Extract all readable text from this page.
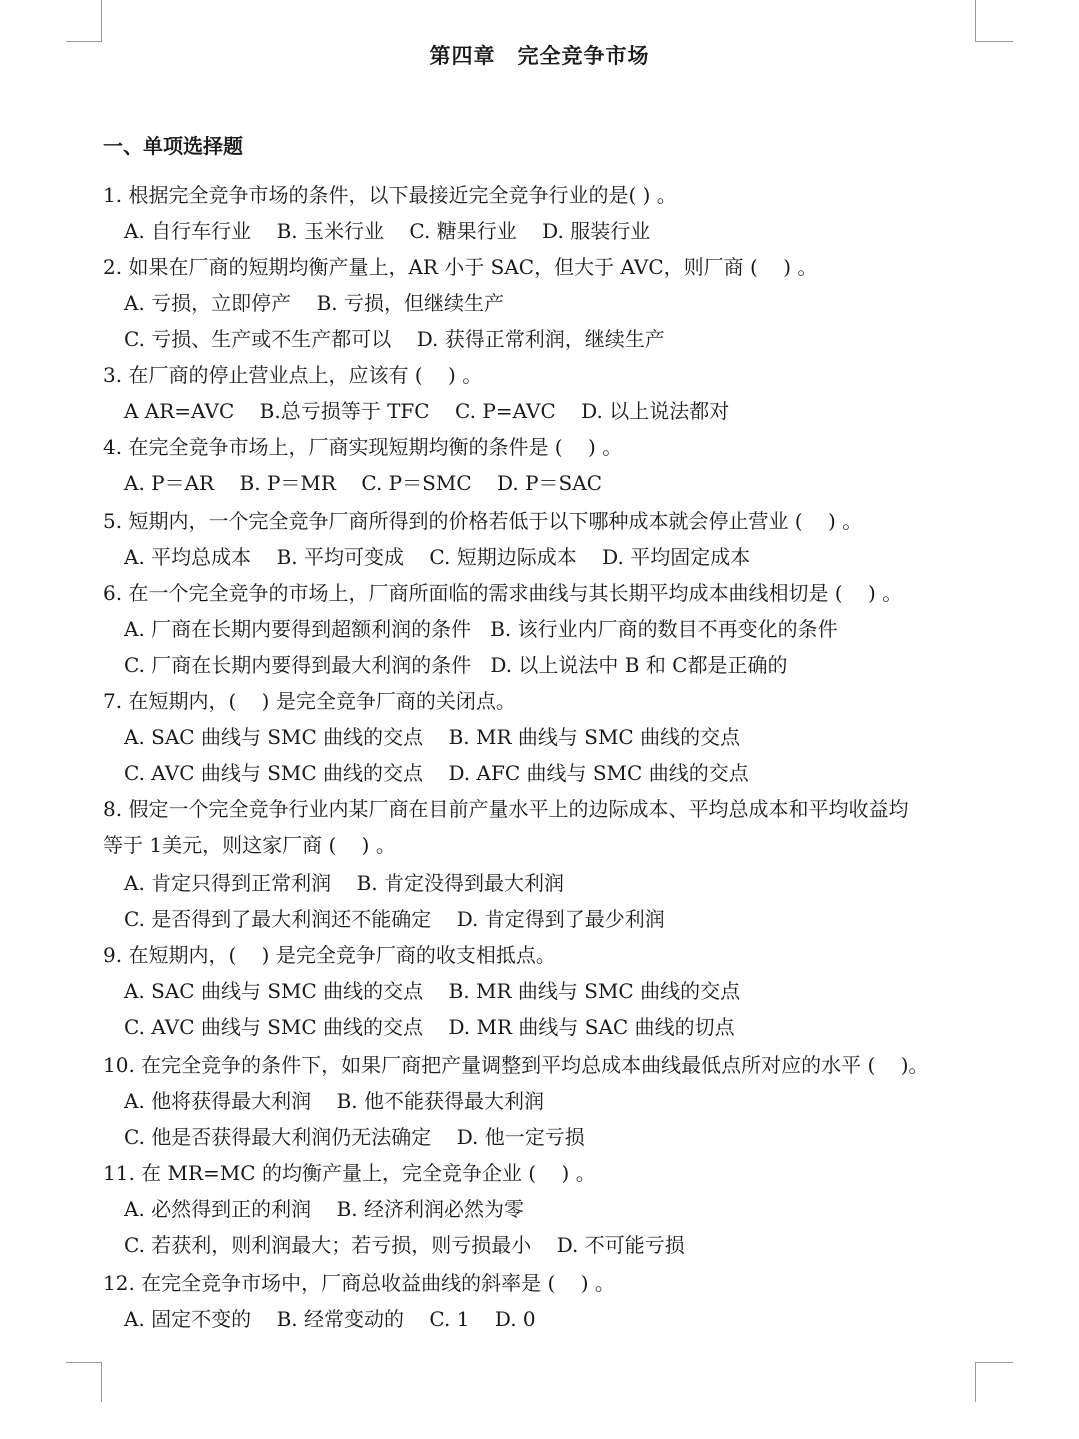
第四章　完全竞争市场
一、单项选择题
1. 根据完全竞争市场的条件，以下最接近完全竞争行业的是( ) 。
A. 自行车行业    B. 玉米行业    C. 糖果行业    D. 服装行业
2. 如果在厂商的短期均衡产量上，AR 小于 SAC，但大于 AVC，则厂商 (    ) 。
A. 亏损，立即停产    B. 亏损，但继续生产
C. 亏损、生产或不生产都可以    D. 获得正常利润，继续生产
3. 在厂商的停止营业点上，应该有 (    ) 。
A AR=AVC    B.总亏损等于 TFC    C. P=AVC    D. 以上说法都对
4. 在完全竞争市场上，厂商实现短期均衡的条件是 (    ) 。
A. P＝AR    B. P＝MR    C. P＝SMC    D. P＝SAC
5. 短期内，一个完全竞争厂商所得到的价格若低于以下哪种成本就会停止营业 (    ) 。
A. 平均总成本    B. 平均可变成    C. 短期边际成本    D. 平均固定成本
6. 在一个完全竞争的市场上，厂商所面临的需求曲线与其长期平均成本曲线相切是 (    ) 。
A. 厂商在长期内要得到超额利润的条件   B. 该行业内厂商的数目不再变化的条件
C. 厂商在长期内要得到最大利润的条件   D. 以上说法中 B 和 C都是正确的
7. 在短期内，(    ) 是完全竞争厂商的关闭点。
A. SAC 曲线与 SMC 曲线的交点    B. MR 曲线与 SMC 曲线的交点
C. AVC 曲线与 SMC 曲线的交点    D. AFC 曲线与 SMC 曲线的交点
8. 假定一个完全竞争行业内某厂商在目前产量水平上的边际成本、平均总成本和平均收益均
等于 1美元，则这家厂商 (    ) 。
A. 肯定只得到正常利润    B. 肯定没得到最大利润
C. 是否得到了最大利润还不能确定    D. 肯定得到了最少利润
9. 在短期内，(    ) 是完全竞争厂商的收支相抵点。
A. SAC 曲线与 SMC 曲线的交点    B. MR 曲线与 SMC 曲线的交点
C. AVC 曲线与 SMC 曲线的交点    D. MR 曲线与 SAC 曲线的切点
10. 在完全竞争的条件下，如果厂商把产量调整到平均总成本曲线最低点所对应的水平 (    )。
A. 他将获得最大利润    B. 他不能获得最大利润
C. 他是否获得最大利润仍无法确定    D. 他一定亏损
11. 在 MR=MC 的均衡产量上，完全竞争企业 (    ) 。
A. 必然得到正的利润    B. 经济利润必然为零
C. 若获利，则利润最大；若亏损，则亏损最小    D. 不可能亏损
12. 在完全竞争市场中，厂商总收益曲线的斜率是 (    ) 。
A. 固定不变的    B. 经常变动的    C. 1    D. 0
